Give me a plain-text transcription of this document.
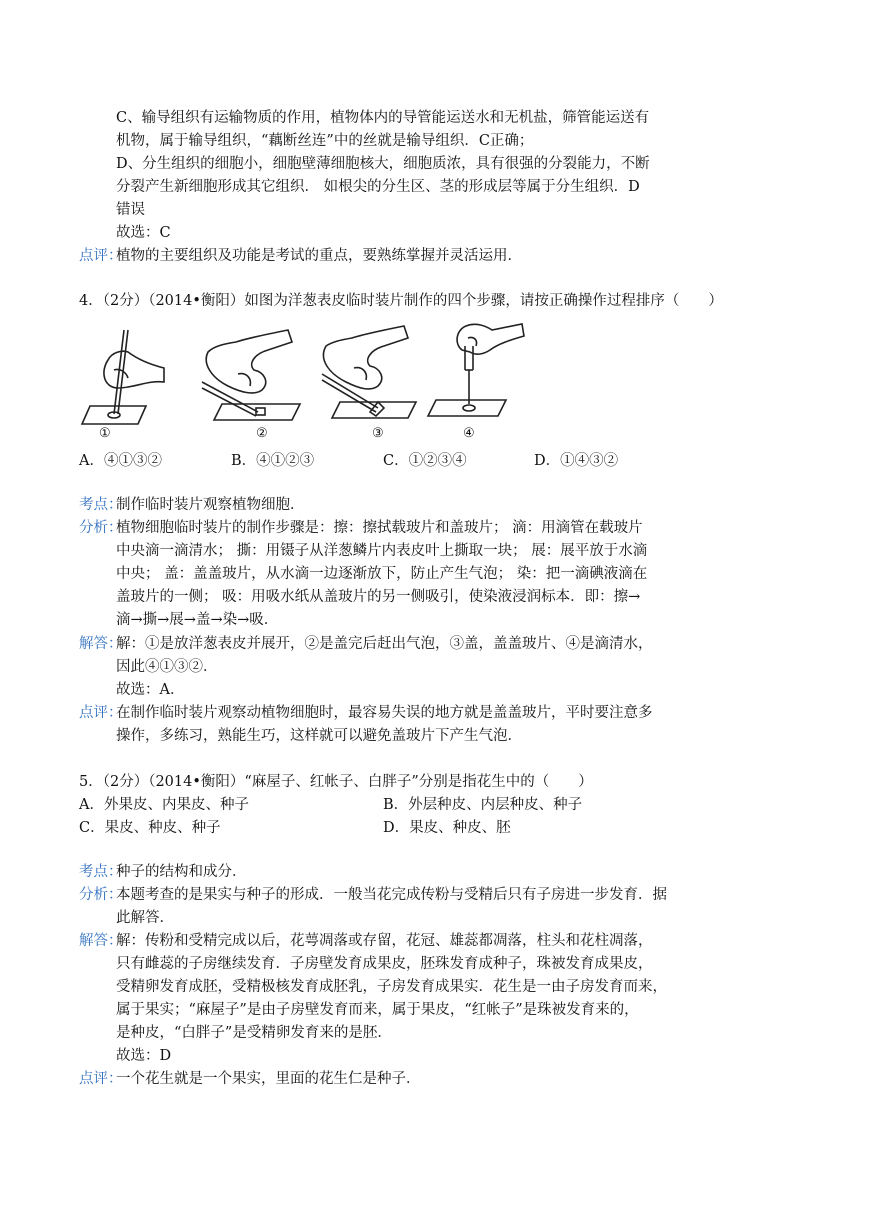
C、输导组织有运输物质的作用，植物体内的导管能运送水和无机盐，筛管能运送有
机物，属于输导组织，“藕断丝连”中的丝就是输导组织．C正确；
D、分生组织的细胞小，细胞壁薄细胞核大，细胞质浓，具有很强的分裂能力，不断
分裂产生新细胞形成其它组织． 如根尖的分生区、茎的形成层等属于分生组织．D
错误
故选：C
点评：
植物的主要组织及功能是考试的重点，要熟练掌握并灵活运用．
4．（2分）（2014•衡阳）如图为洋葱表皮临时装片制作的四个步骤，请按正确操作过程排序（　　）
①	②	③	④
A．④①③②	B．④①②③	C．①②③④	D．①④③②
考点：
制作临时装片观察植物细胞．
分析：
植物细胞临时装片的制作步骤是：擦：擦拭载玻片和盖玻片； 滴：用滴管在载玻片
中央滴一滴清水； 撕：用镊子从洋葱鳞片内表皮叶上撕取一块； 展：展平放于水滴
中央； 盖：盖盖玻片，从水滴一边逐渐放下，防止产生气泡； 染：把一滴碘液滴在
盖玻片的一侧； 吸：用吸水纸从盖玻片的另一侧吸引，使染液浸润标本．即：擦→
滴→撕→展→盖→染→吸．
解答：
解：①是放洋葱表皮并展开，②是盖完后赶出气泡，③盖，盖盖玻片、④是滴清水，
因此④①③②．
故选：A．
点评：
在制作临时装片观察动植物细胞时，最容易失误的地方就是盖盖玻片，平时要注意多
操作，多练习，熟能生巧，这样就可以避免盖玻片下产生气泡．
5．（2分）（2014•衡阳）“麻屋子、红帐子、白胖子”分别是指花生中的（　　）
A．外果皮、内果皮、种子	B．外层种皮、内层种皮、种子
C．果皮、种皮、种子	D．果皮、种皮、胚
考点：
种子的结构和成分．
分析：
本题考查的是果实与种子的形成．一般当花完成传粉与受精后只有子房进一步发育．据
此解答．
解答：
解：传粉和受精完成以后，花萼凋落或存留，花冠、雄蕊都凋落，柱头和花柱凋落，
只有雌蕊的子房继续发育．子房壁发育成果皮，胚珠发育成种子，珠被发育成果皮，
受精卵发育成胚，受精极核发育成胚乳，子房发育成果实．花生是一由子房发育而来，
属于果实；“麻屋子”是由子房壁发育而来，属于果皮，“红帐子”是珠被发育来的，
是种皮，“白胖子”是受精卵发育来的是胚．
故选：D
点评：
一个花生就是一个果实，里面的花生仁是种子．
